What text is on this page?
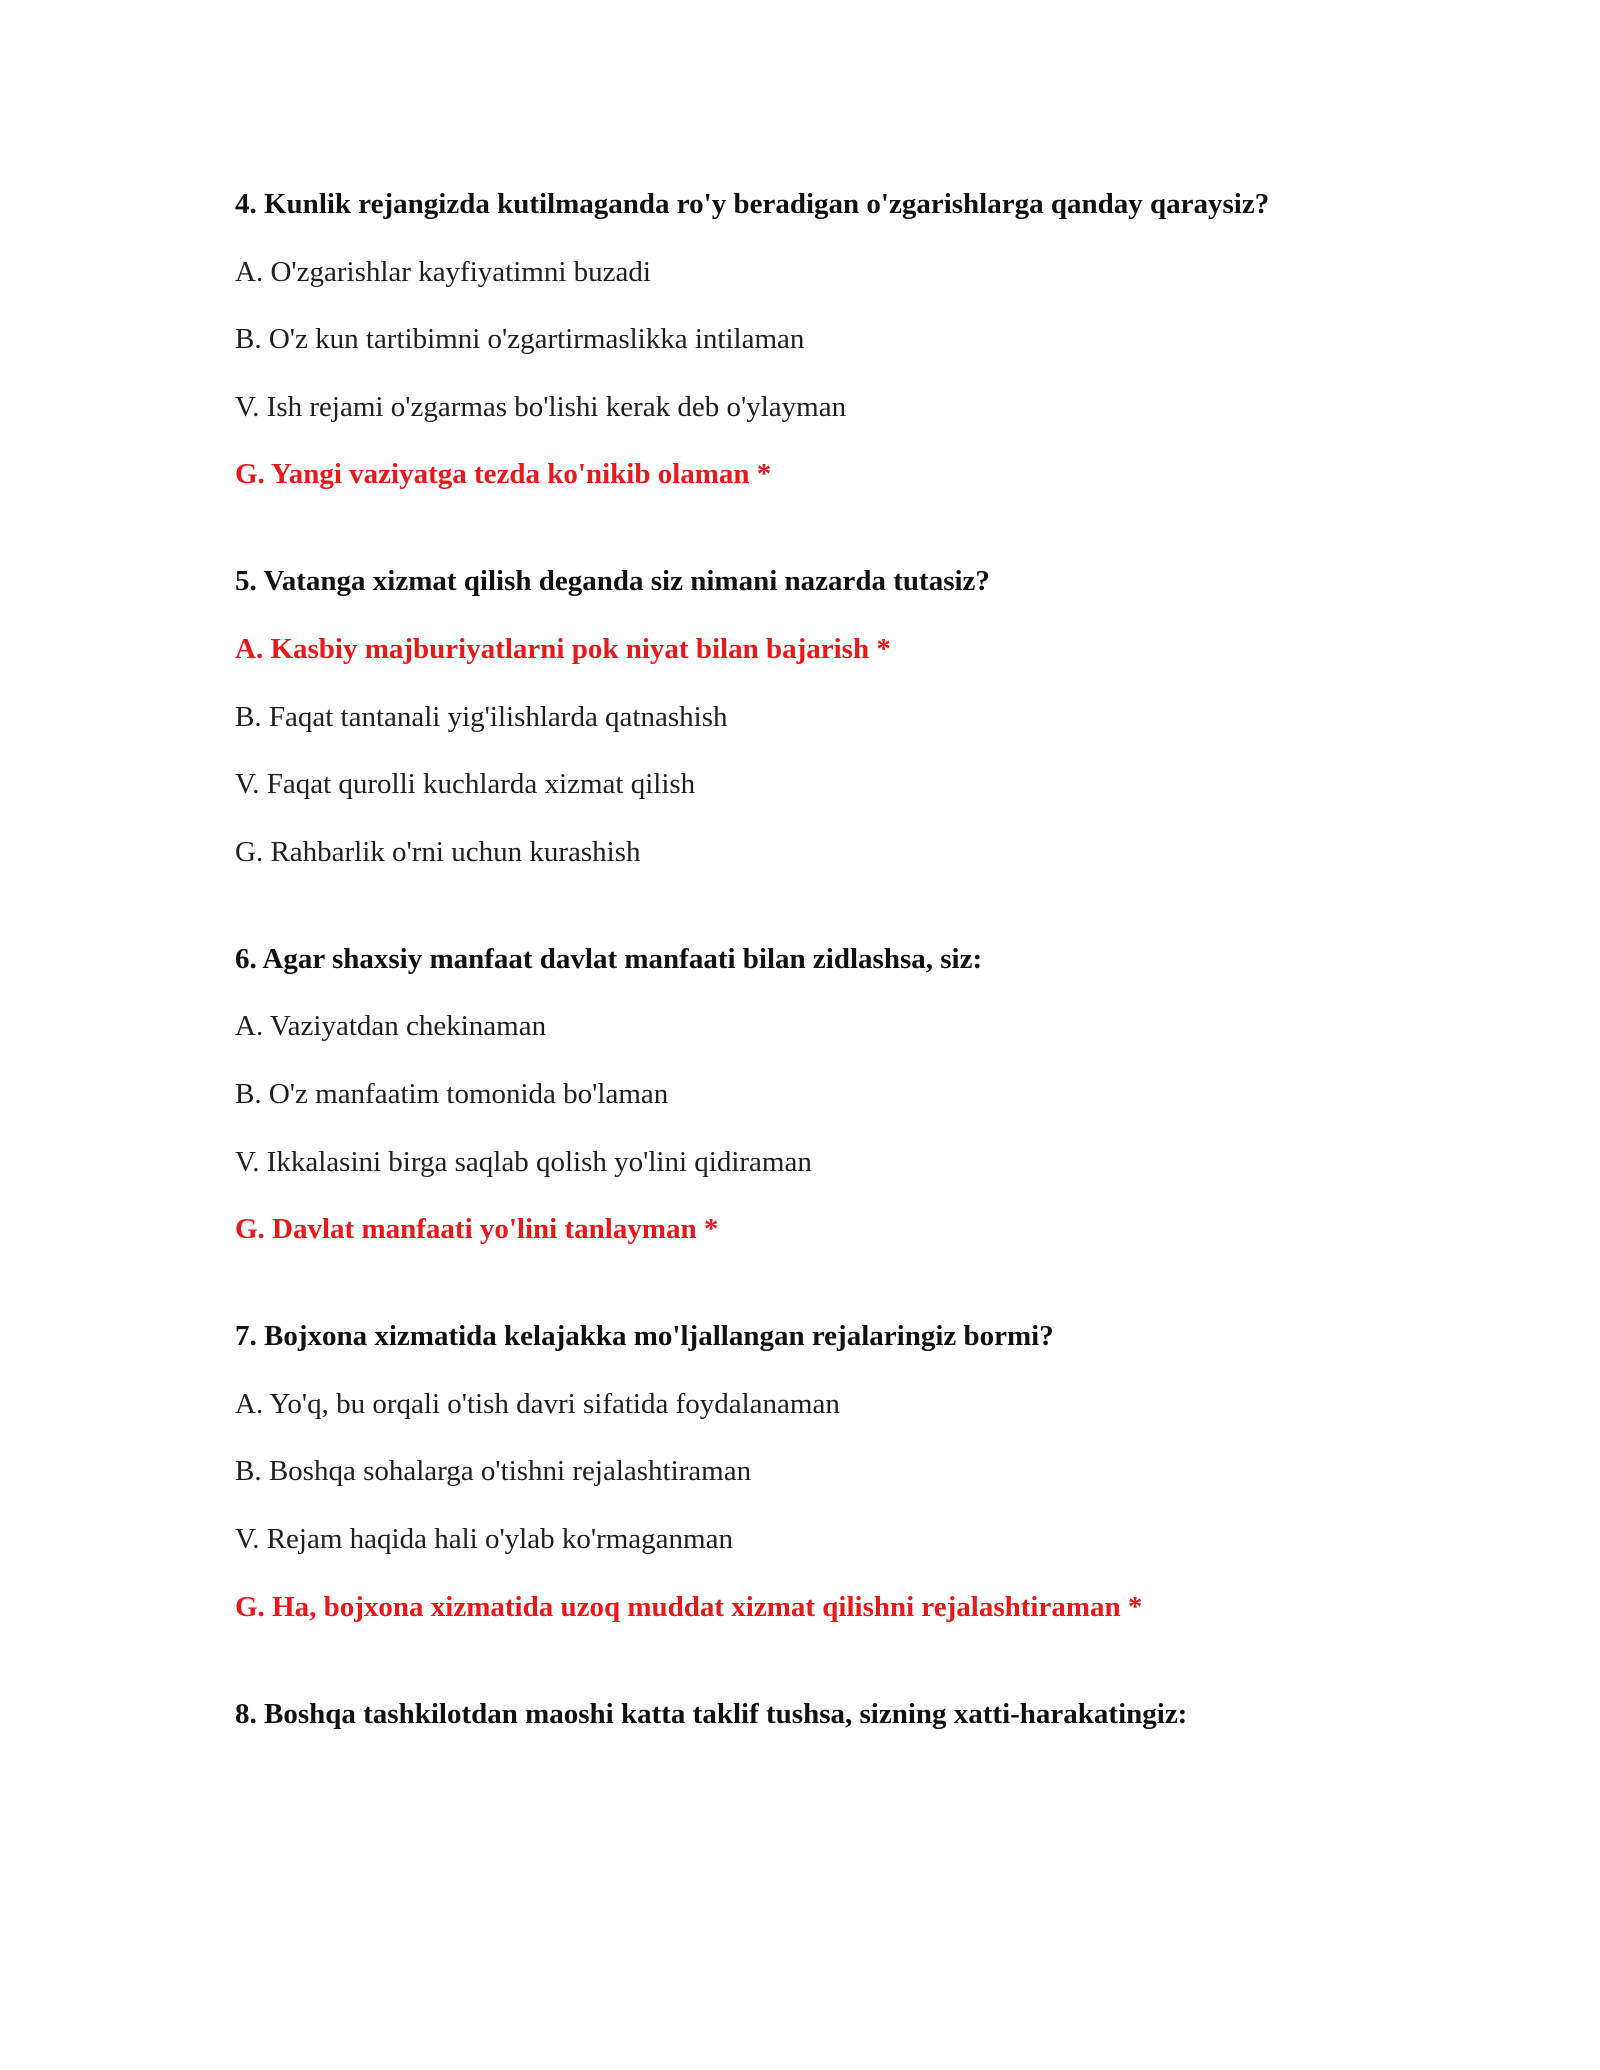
4. Kunlik rejangizda kutilmaganda ro'y beradigan o'zgarishlarga qanday qaraysiz?
A. O'zgarishlar kayfiyatimni buzadi
B. O'z kun tartibimni o'zgartirmaslikka intilaman
V. Ish rejami o'zgarmas bo'lishi kerak deb o'ylayman
G. Yangi vaziyatga tezda ko'nikib olaman *
5. Vatanga xizmat qilish deganda siz nimani nazarda tutasiz?
A. Kasbiy majburiyatlarni pok niyat bilan bajarish *
B. Faqat tantanali yig'ilishlarda qatnashish
V. Faqat qurolli kuchlarda xizmat qilish
G. Rahbarlik o'rni uchun kurashish
6. Agar shaxsiy manfaat davlat manfaati bilan zidlashsa, siz:
A. Vaziyatdan chekinaman
B. O'z manfaatim tomonida bo'laman
V. Ikkalasini birga saqlab qolish yo'lini qidiraman
G. Davlat manfaati yo'lini tanlayman *
7. Bojxona xizmatida kelajakka mo'ljallangan rejalaringiz bormi?
A. Yo'q, bu orqali o'tish davri sifatida foydalanaman
B. Boshqa sohalarga o'tishni rejalashtiraman
V. Rejam haqida hali o'ylab ko'rmaganman
G. Ha, bojxona xizmatida uzoq muddat xizmat qilishni rejalashtiraman *
8. Boshqa tashkilotdan maoshi katta taklif tushsa, sizning xatti-harakatingiz:
